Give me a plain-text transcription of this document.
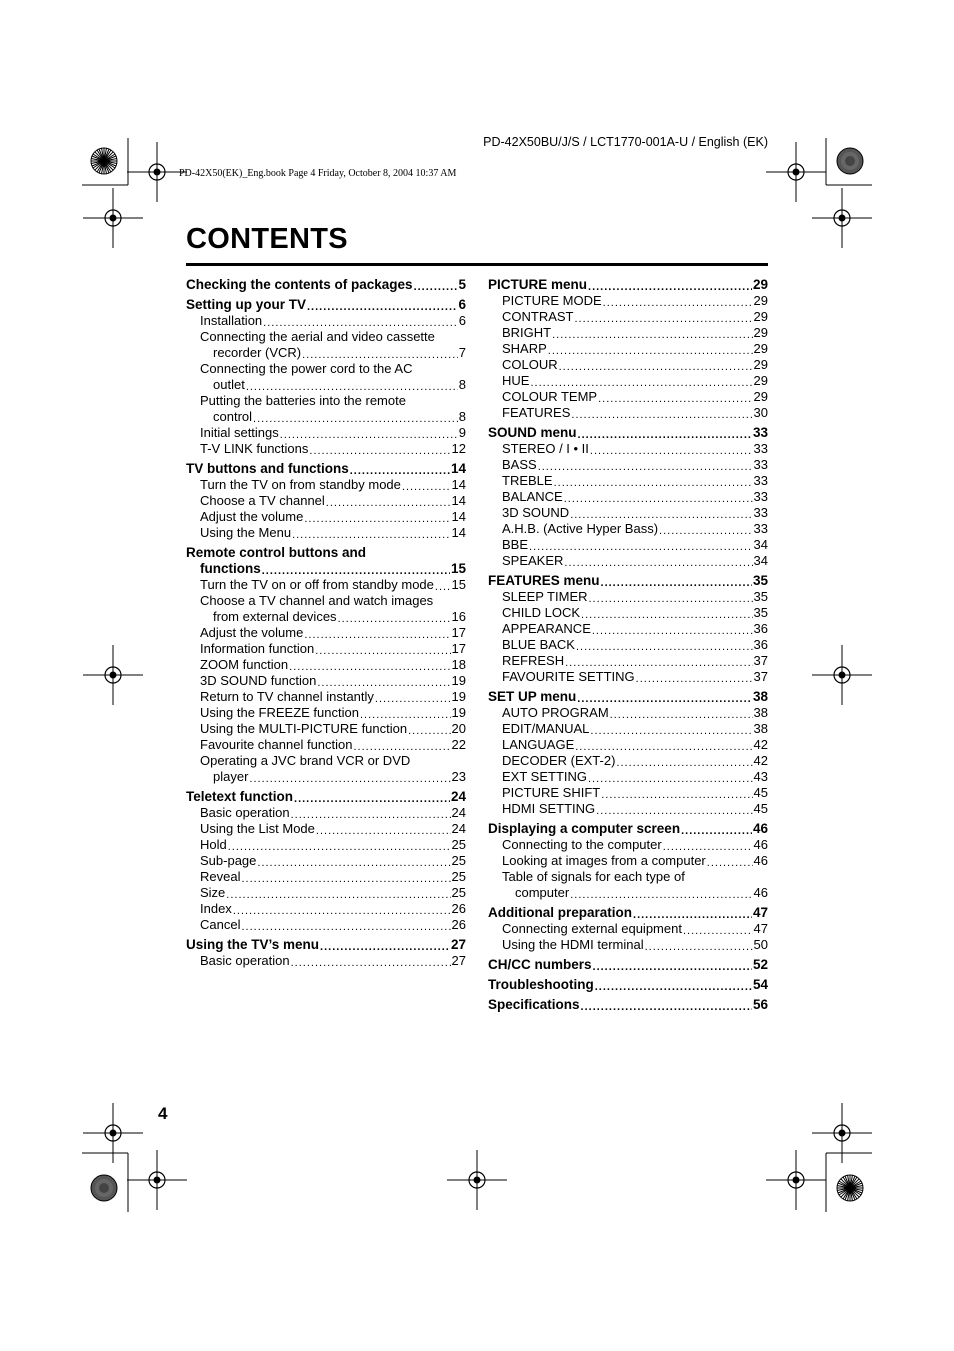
PD-42X50BU/J/S / LCT1770-001A-U / English (EK)
PD-42X50(EK)_Eng.book Page 4 Friday, October 8, 2004 10:37 AM
CONTENTS
Checking the contents of packages .....	5
Setting up your TV .....	6
Installation .....	6
Connecting the aerial and video cassette
recorder (VCR) .....	7
Connecting the power cord to the AC
outlet .....	8
Putting the batteries into the remote
control .....	8
Initial settings .....	9
T-V LINK functions .....	12
TV buttons and functions .....	14
Turn the TV on from standby mode .....	14
Choose a TV channel .....	14
Adjust the volume .....	14
Using the Menu .....	14
Remote control buttons and
functions .....	15
Turn the TV on or off from standby mode ..... 15
Choose a TV channel and watch images
from external devices .....	16
Adjust the volume .....	17
Information function .....	17
ZOOM function .....	18
3D SOUND function .....	19
Return to TV channel instantly .....	19
Using the FREEZE function .....	19
Using the MULTI-PICTURE function .....	20
Favourite channel function .....	22
Operating a JVC brand VCR or DVD
player .....	23
Teletext function .....	24
Basic operation .....	24
Using the List Mode .....	24
Hold .....	25
Sub-page .....	25
Reveal .....	25
Size .....	25
Index .....	26
Cancel .....	26
Using the TV’s menu .....	27
Basic operation .....	27
PICTURE menu .....	29
PICTURE MODE .....	29
CONTRAST .....	29
BRIGHT .....	29
SHARP .....	29
COLOUR .....	29
HUE .....	29
COLOUR TEMP .....	29
FEATURES .....	30
SOUND menu .....	33
STEREO / I • II .....	33
BASS .....	33
TREBLE .....	33
BALANCE .....	33
3D SOUND .....	33
A.H.B. (Active Hyper Bass) .....	33
BBE .....	34
SPEAKER .....	34
FEATURES menu .....	35
SLEEP TIMER .....	35
CHILD LOCK .....	35
APPEARANCE .....	36
BLUE BACK .....	36
REFRESH .....	37
FAVOURITE SETTING .....	37
SET UP menu .....	38
AUTO PROGRAM .....	38
EDIT/MANUAL .....	38
LANGUAGE .....	42
DECODER (EXT-2) .....	42
EXT SETTING .....	43
PICTURE SHIFT .....	45
HDMI SETTING .....	45
Displaying a computer screen .....	46
Connecting to the computer .....	46
Looking at images from a computer .....	46
Table of signals for each type of
computer .....	46
Additional preparation .....	47
Connecting external equipment .....	47
Using the HDMI terminal .....	50
CH/CC numbers .....	52
Troubleshooting .....	54
Specifications .....	56
4
